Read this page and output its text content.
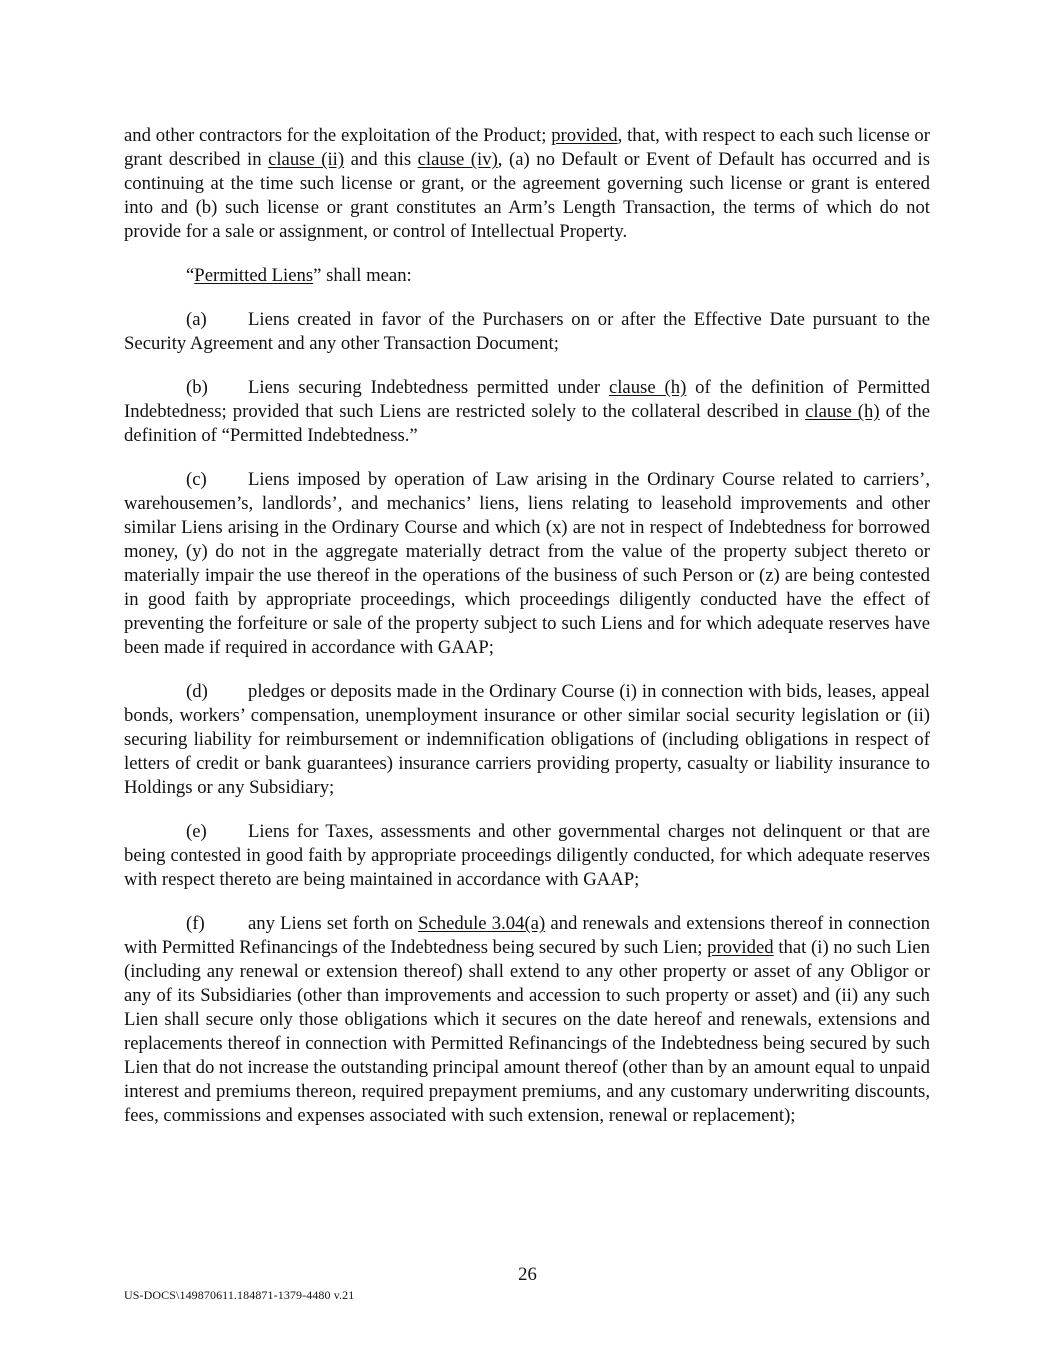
and other contractors for the exploitation of the Product; provided, that, with respect to each such license or grant described in clause (ii) and this clause (iv), (a) no Default or Event of Default has occurred and is continuing at the time such license or grant, or the agreement governing such license or grant is entered into and (b) such license or grant constitutes an Arm’s Length Transaction, the terms of which do not provide for a sale or assignment, or control of Intellectual Property.

“Permitted Liens” shall mean:

(a) Liens created in favor of the Purchasers on or after the Effective Date pursuant to the Security Agreement and any other Transaction Document;

(b) Liens securing Indebtedness permitted under clause (h) of the definition of Permitted Indebtedness; provided that such Liens are restricted solely to the collateral described in clause (h) of the definition of “Permitted Indebtedness.”

(c) Liens imposed by operation of Law arising in the Ordinary Course related to carriers’, warehousemen’s, landlords’, and mechanics’ liens, liens relating to leasehold improvements and other similar Liens arising in the Ordinary Course and which (x) are not in respect of Indebtedness for borrowed money, (y) do not in the aggregate materially detract from the value of the property subject thereto or materially impair the use thereof in the operations of the business of such Person or (z) are being contested in good faith by appropriate proceedings, which proceedings diligently conducted have the effect of preventing the forfeiture or sale of the property subject to such Liens and for which adequate reserves have been made if required in accordance with GAAP;

(d) pledges or deposits made in the Ordinary Course (i) in connection with bids, leases, appeal bonds, workers’ compensation, unemployment insurance or other similar social security legislation or (ii) securing liability for reimbursement or indemnification obligations of (including obligations in respect of letters of credit or bank guarantees) insurance carriers providing property, casualty or liability insurance to Holdings or any Subsidiary;

(e) Liens for Taxes, assessments and other governmental charges not delinquent or that are being contested in good faith by appropriate proceedings diligently conducted, for which adequate reserves with respect thereto are being maintained in accordance with GAAP;

(f) any Liens set forth on Schedule 3.04(a) and renewals and extensions thereof in connection with Permitted Refinancings of the Indebtedness being secured by such Lien; provided that (i) no such Lien (including any renewal or extension thereof) shall extend to any other property or asset of any Obligor or any of its Subsidiaries (other than improvements and accession to such property or asset) and (ii) any such Lien shall secure only those obligations which it secures on the date hereof and renewals, extensions and replacements thereof in connection with Permitted Refinancings of the Indebtedness being secured by such Lien that do not increase the outstanding principal amount thereof (other than by an amount equal to unpaid interest and premiums thereon, required prepayment premiums, and any customary underwriting discounts, fees, commissions and expenses associated with such extension, renewal or replacement);

26
US-DOCS\149870611.184871-1379-4480 v.21
